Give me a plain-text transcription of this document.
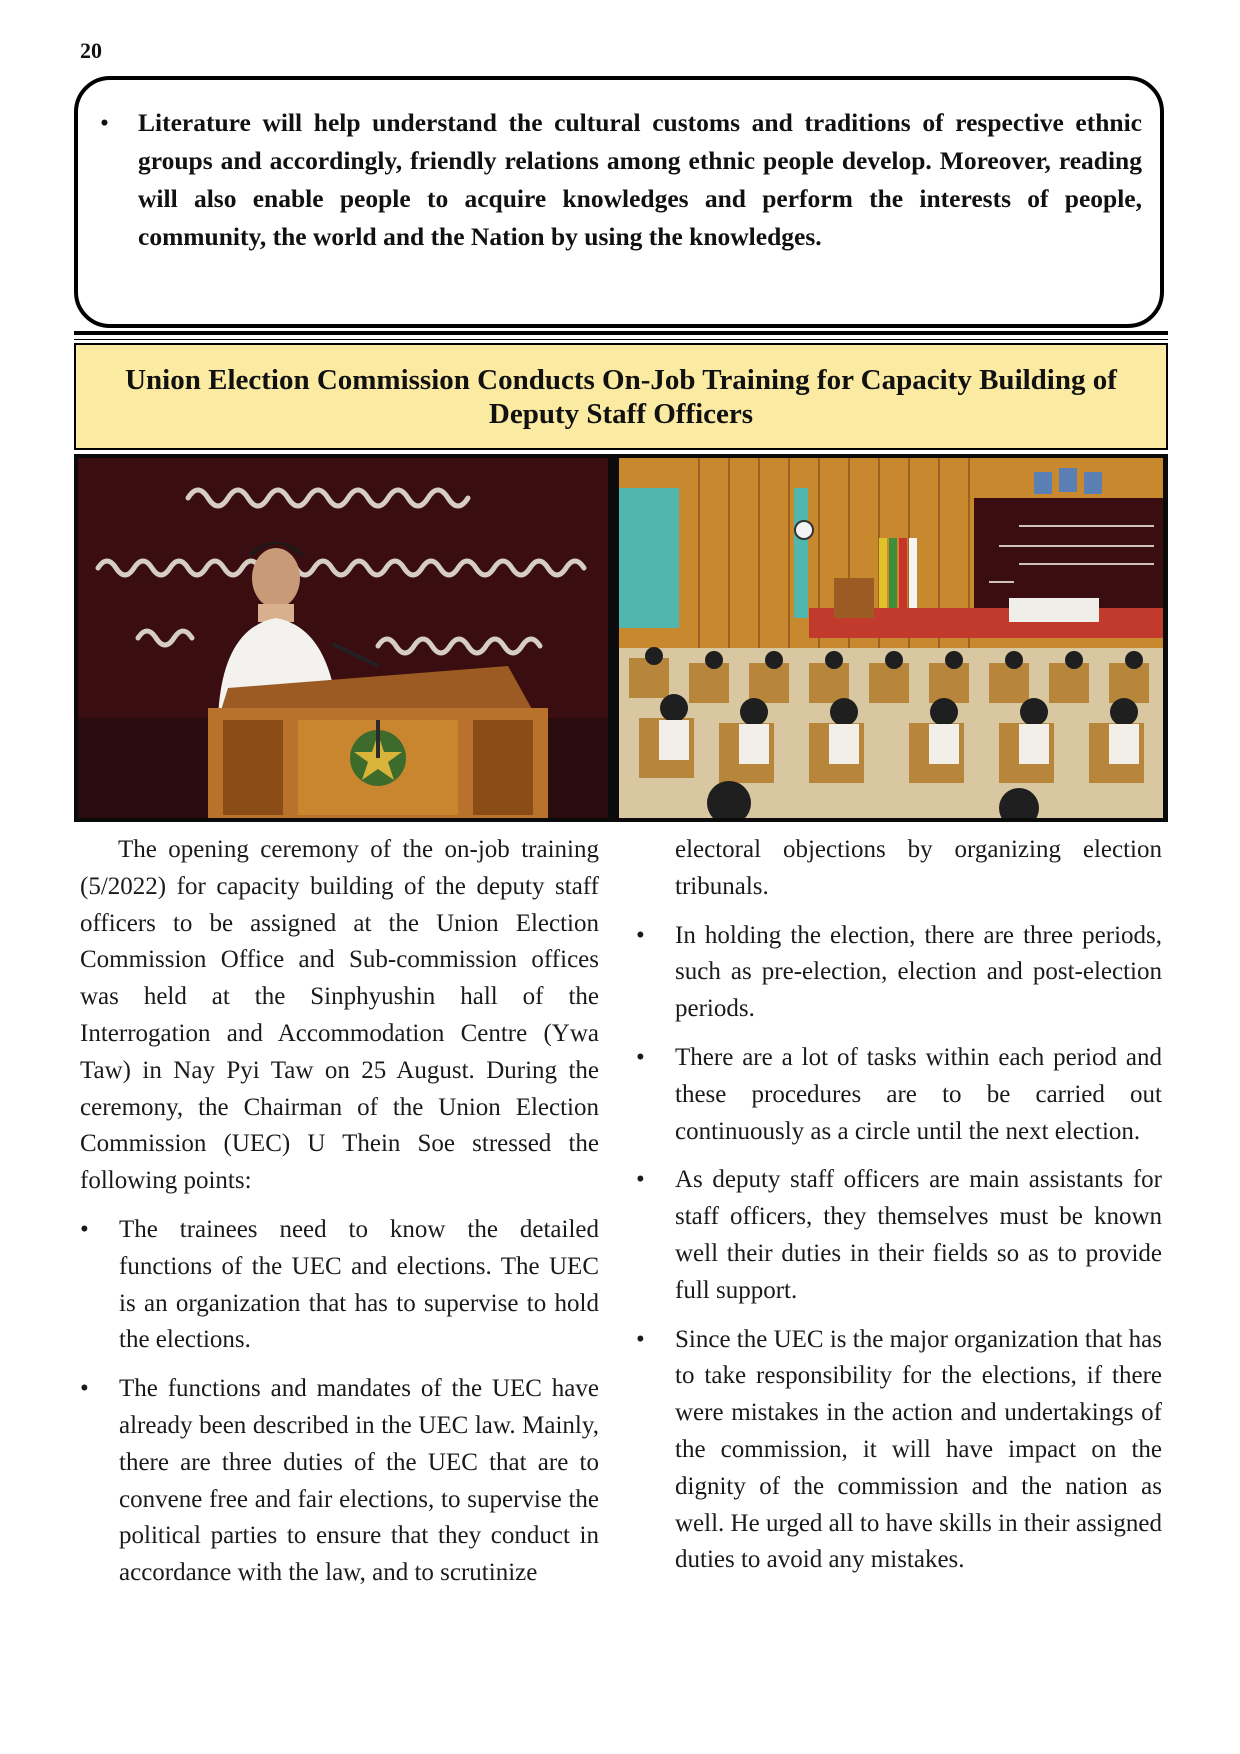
20
• Literature will help understand the cultural customs and traditions of respective ethnic groups and accordingly, friendly relations among ethnic people develop. Moreover, reading will also enable people to acquire knowledges and perform the interests of people, community, the world and the Nation by using the knowledges.
Union Election Commission Conducts On-Job Training for Capacity Building of Deputy Staff Officers

The opening ceremony of the on-job training (5/2022) for capacity building of the deputy staff officers to be assigned at the Union Election Commission Office and Sub-commission offices was held at the Sinphyushin hall of the Interrogation and Accommodation Centre (Ywa Taw) in Nay Pyi Taw on 25 August. During the ceremony, the Chairman of the Union Election Commission (UEC) U Thein Soe stressed the following points:

• The trainees need to know the detailed functions of the UEC and elections. The UEC is an organization that has to supervise to hold the elections.
• The functions and mandates of the UEC have already been described in the UEC law. Mainly, there are three duties of the UEC that are to convene free and fair elections, to supervise the political parties to ensure that they conduct in accordance with the law, and to scrutinize

electoral objections by organizing election tribunals.

• In holding the election, there are three periods, such as pre-election, election and post-election periods.
• There are a lot of tasks within each period and these procedures are to be carried out continuously as a circle until the next election.
• As deputy staff officers are main assistants for staff officers, they themselves must be known well their duties in their fields so as to provide full support.
• Since the UEC is the major organization that has to take responsibility for the elections, if there were mistakes in the action and undertakings of the commission, it will have impact on the dignity of the commission and the nation as well. He urged all to have skills in their assigned duties to avoid any mistakes.
